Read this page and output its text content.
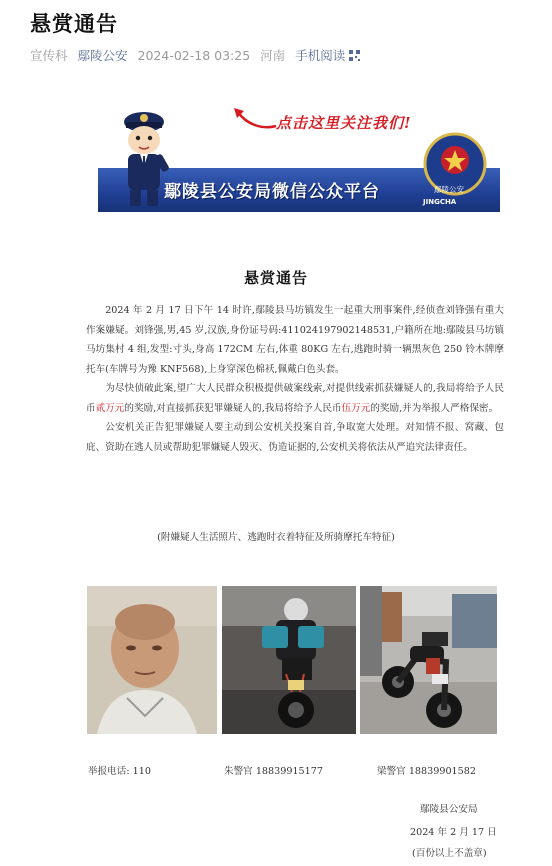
悬赏通告
宣传科 鄢陵公安 2024-02-18 03:25 河南 手机阅读
点击这里关注我们!
鄢陵县公安局微信公众平台	鄢陵公安
JINGCHA
悬赏通告

2024 年 2 月 17 日下午 14 时许,鄢陵县马坊镇发生一起重大刑事案件,经侦查刘锋强有重大作案嫌疑。刘锋强,男,45 岁,汉族,身份证号码:411024197902148531,户籍所在地:鄢陵县马坊镇马坊集村 4 组,发型:寸头,身高 172CM 左右,体重 80KG 左右,逃跑时骑一辆黑灰色 250 铃木牌摩托车(车牌号为豫 KNF568),上身穿深色棉袄,佩戴白色头套。

为尽快侦破此案,望广大人民群众积极提供破案线索,对提供线索抓获嫌疑人的,我局将给予人民币贰万元的奖励,对直接抓获犯罪嫌疑人的,我局将给予人民币伍万元的奖励,并为举报人严格保密。

公安机关正告犯罪嫌疑人要主动到公安机关投案自首,争取宽大处理。对知情不报、窝藏、包庇、资助在逃人员或帮助犯罪嫌疑人毁灭、伪造证据的,公安机关将依法从严追究法律责任。

(附嫌疑人生活照片、逃跑时衣着特征及所骑摩托车特征)
举报电话: 110	朱警官 18839915177	梁警官 18839901582
鄢陵县公安局
2024 年 2 月 17 日
(百份以上不盖章)
